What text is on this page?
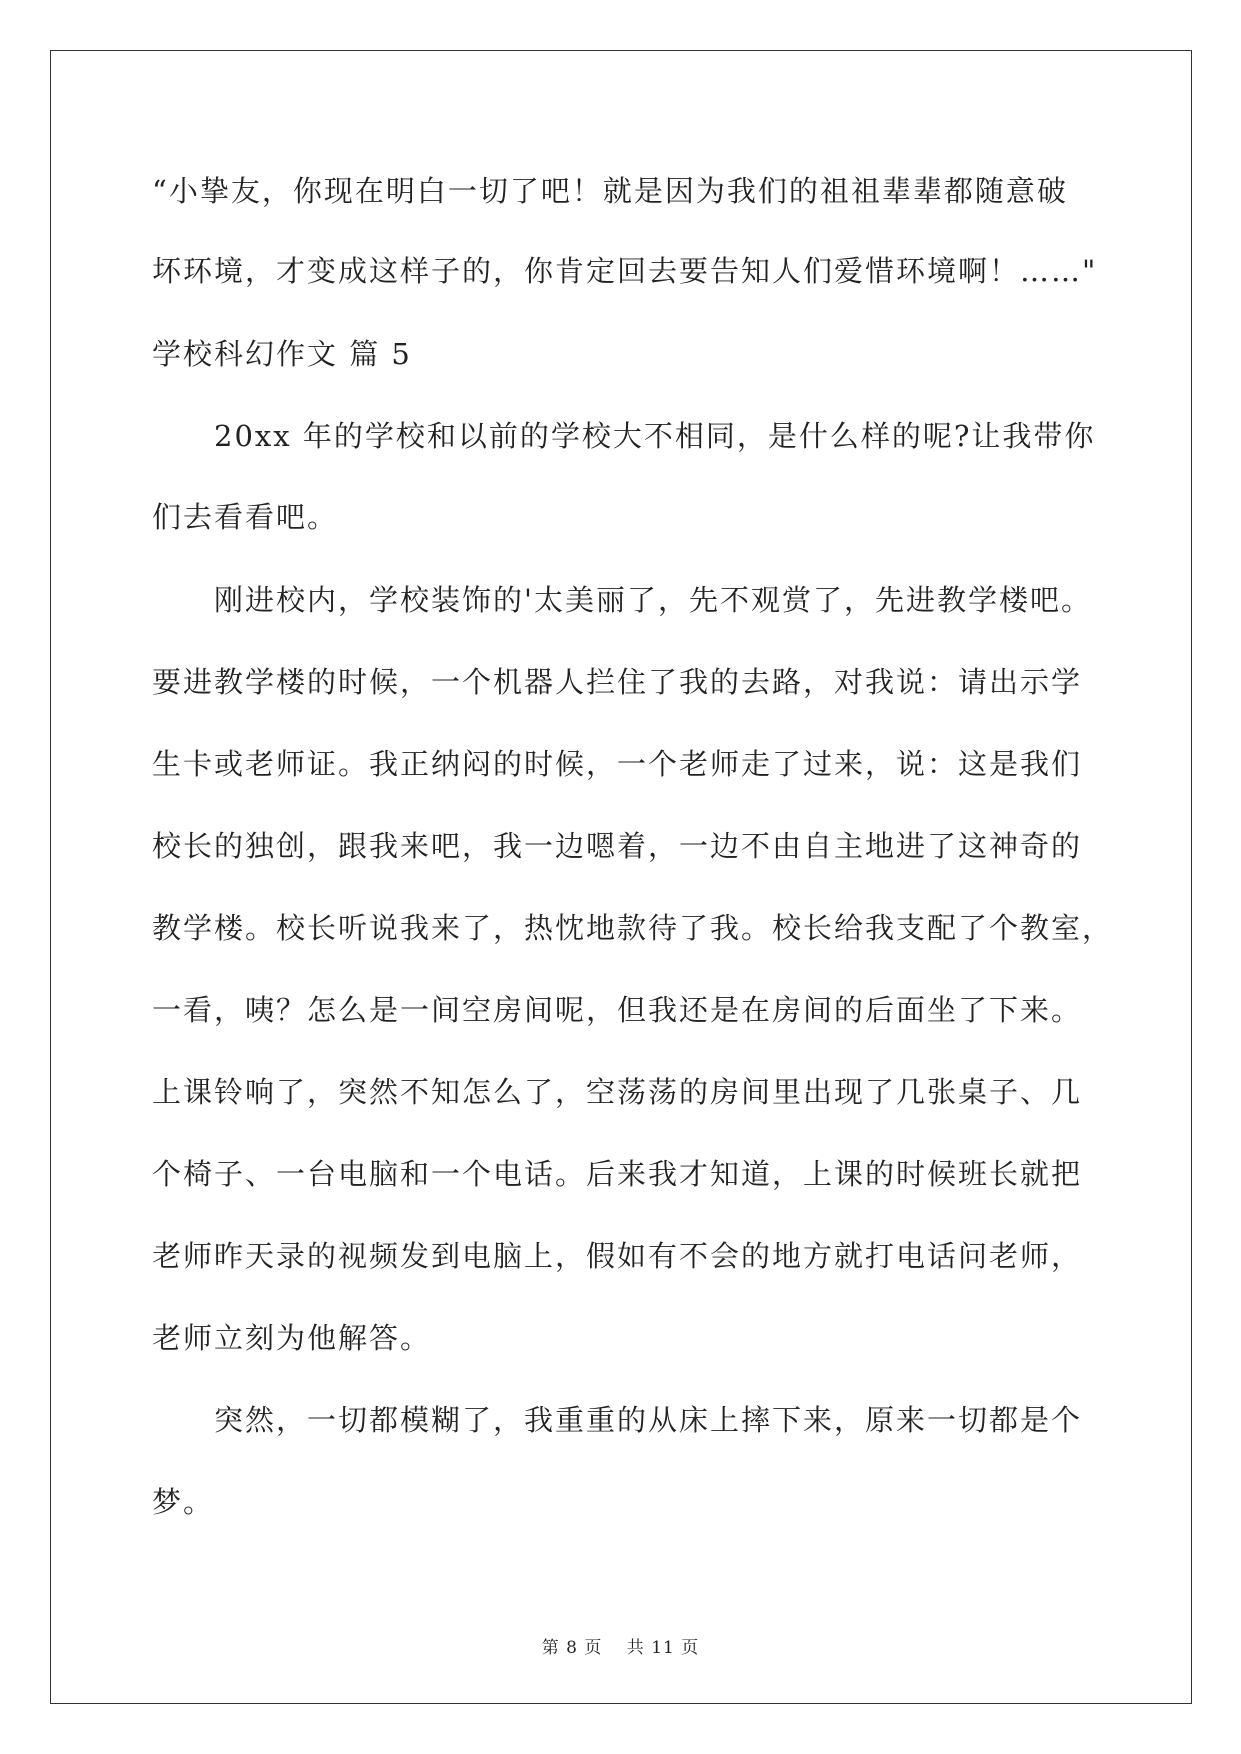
“小挚友，你现在明白一切了吧！就是因为我们的祖祖辈辈都随意破
坏环境，才变成这样子的，你肯定回去要告知人们爱惜环境啊！……"
学校科幻作文 篇 5
　　20xx 年的学校和以前的学校大不相同，是什么样的呢?让我带你
们去看看吧。
　　刚进校内，学校装饰的'太美丽了，先不观赏了，先进教学楼吧。
要进教学楼的时候，一个机器人拦住了我的去路，对我说：请出示学
生卡或老师证。我正纳闷的时候，一个老师走了过来，说：这是我们
校长的独创，跟我来吧，我一边嗯着，一边不由自主地进了这神奇的
教学楼。校长听说我来了，热忱地款待了我。校长给我支配了个教室，
一看，咦？怎么是一间空房间呢，但我还是在房间的后面坐了下来。
上课铃响了，突然不知怎么了，空荡荡的房间里出现了几张桌子、几
个椅子、一台电脑和一个电话。后来我才知道，上课的时候班长就把
老师昨天录的视频发到电脑上，假如有不会的地方就打电话问老师，
老师立刻为他解答。
　　突然，一切都模糊了，我重重的从床上摔下来，原来一切都是个
梦。
第 8 页　 共 11 页
